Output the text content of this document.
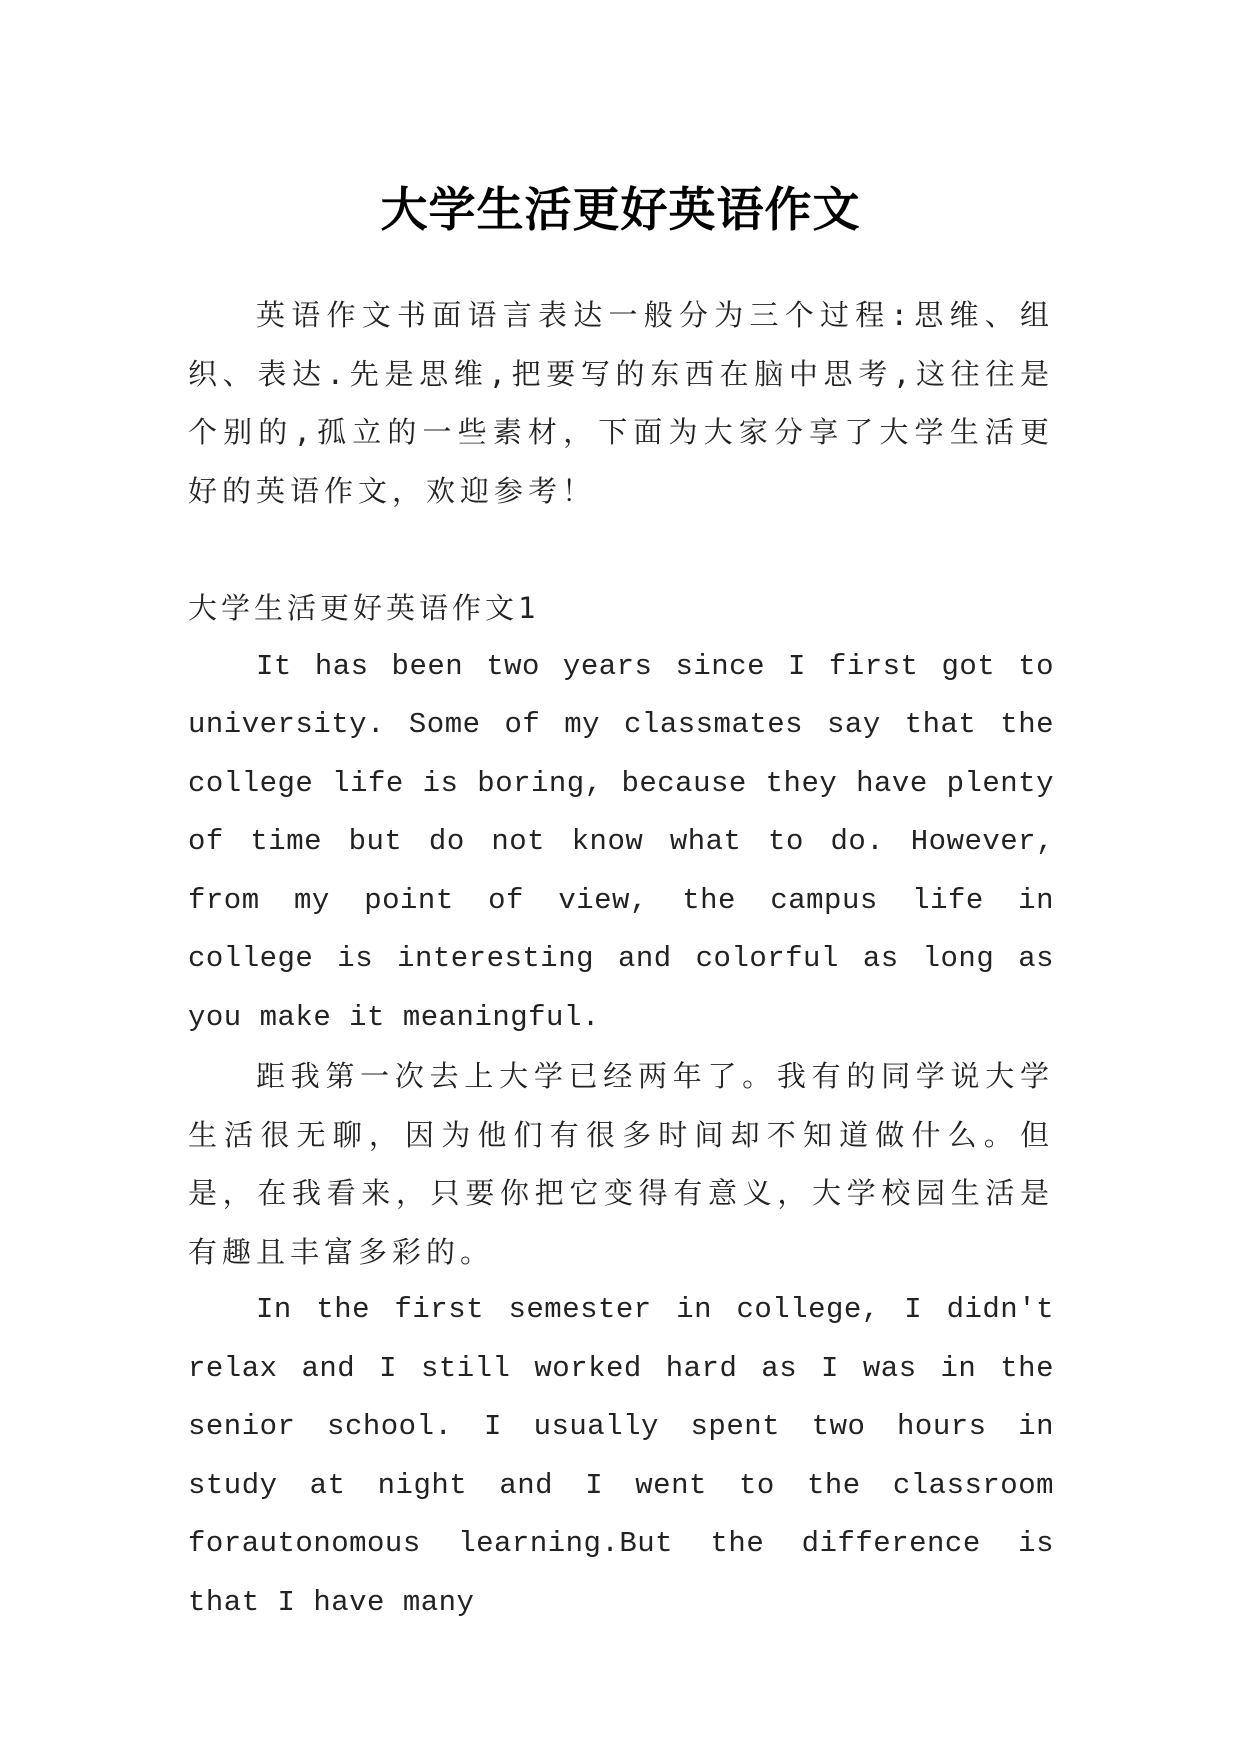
大学生活更好英语作文

英语作文书面语言表达一般分为三个过程:思维、组织、表达.先是思维,把要写的东西在脑中思考,这往往是个别的,孤立的一些素材，下面为大家分享了大学生活更好的英语作文，欢迎参考！

大学生活更好英语作文1

It has been two years since I first got to university. Some of my classmates say that the college life is boring, because they have plenty of time but do not know what to do. However, from my point of view, the campus life in college is interesting and colorful as long as you make it meaningful.

距我第一次去上大学已经两年了。我有的同学说大学生活很无聊，因为他们有很多时间却不知道做什么。但是，在我看来，只要你把它变得有意义，大学校园生活是有趣且丰富多彩的。

In the first semester in college, I didn't relax and I still worked hard as I was in the senior school. I usually spent two hours in study at night and I went to the classroom forautonomous learning.But the difference is that I have many
